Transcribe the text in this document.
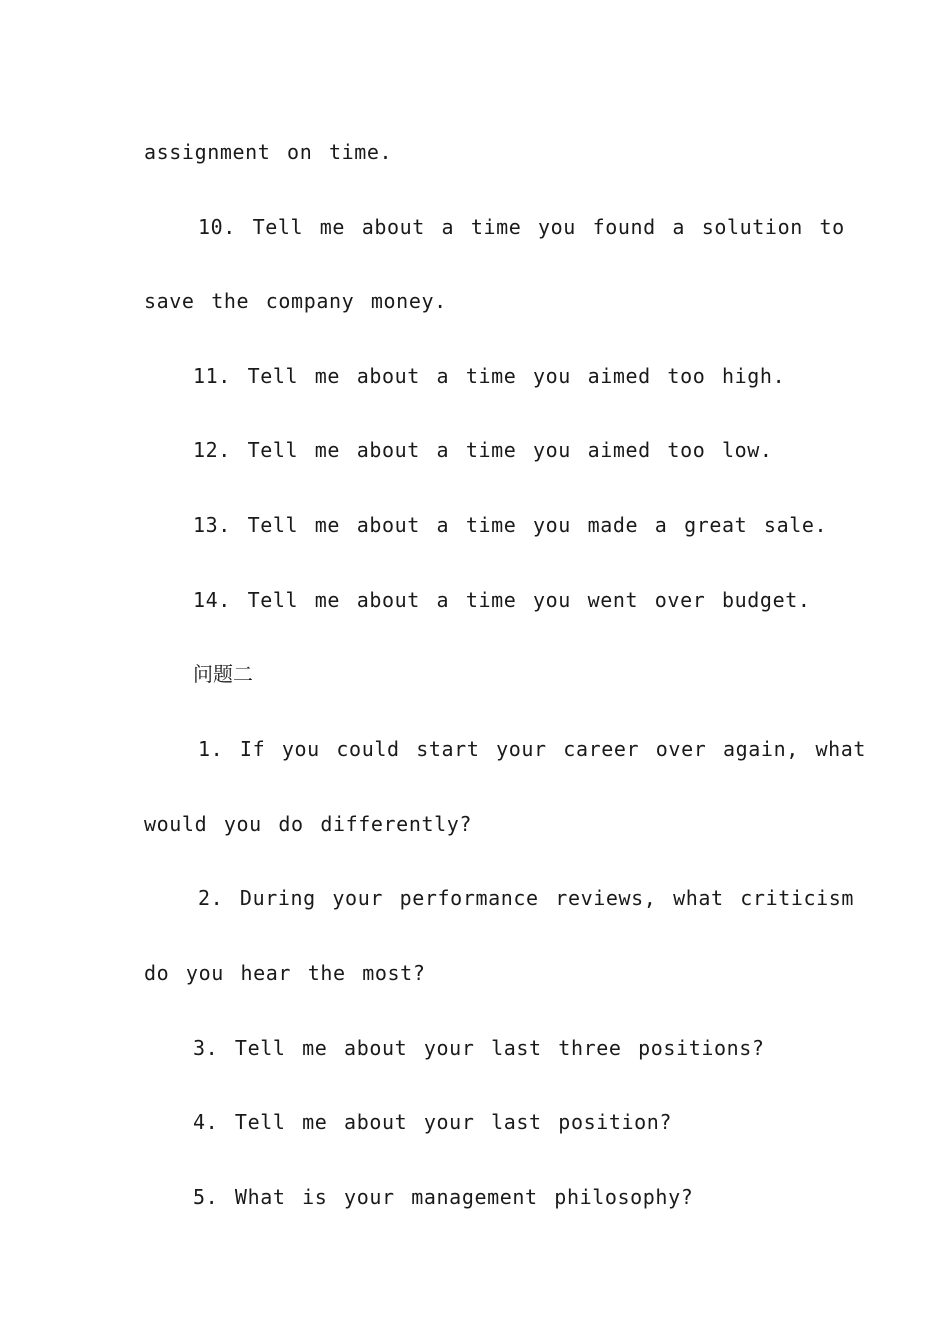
assignment on time.
10. Tell me about a time you found a solution to
save the company money.
11. Tell me about a time you aimed too high.
12. Tell me about a time you aimed too low.
13. Tell me about a time you made a great sale.
14. Tell me about a time you went over budget.
问题二
1. If you could start your career over again, what
would you do differently?
2. During your performance reviews, what criticism
do you hear the most?
3. Tell me about your last three positions?
4. Tell me about your last position?
5. What is your management philosophy?
